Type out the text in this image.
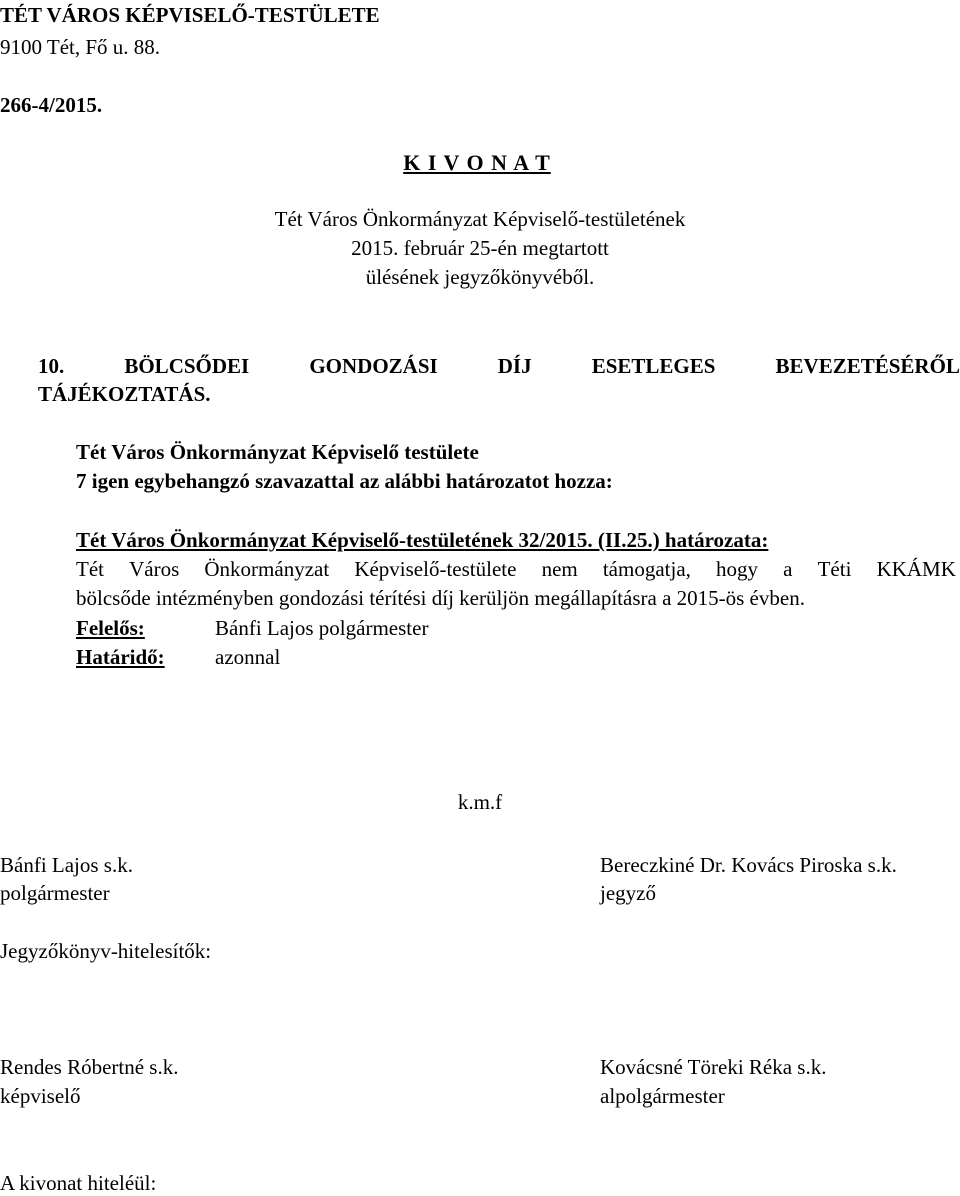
TÉT VÁROS KÉPVISELŐ-TESTÜLETE
9100 Tét, Fő u. 88.
266-4/2015.
K I V O N A T
Tét Város Önkormányzat Képviselő-testületének
2015. február 25-én megtartott
ülésének jegyzőkönyvéből.
10.	BÖLCSŐDEI	GONDOZÁSI	DÍJ	ESETLEGES	BEVEZETÉSÉRŐL
TÁJÉKOZTATÁS.
Tét Város Önkormányzat Képviselő testülete
7 igen egybehangzó szavazattal az alábbi határozatot hozza:
Tét Város Önkormányzat Képviselő-testületének 32/2015. (II.25.) határozata:
Tét Város Önkormányzat Képviselő-testülete nem támogatja, hogy a Téti KKÁMK
bölcsőde intézményben gondozási térítési díj kerüljön megállapításra a 2015-ös évben.
Felelős:	Bánfi Lajos polgármester
Határidő: azonnal
k.m.f
Bánfi Lajos s.k.
polgármester
Bereczkiné Dr. Kovács Piroska s.k.
jegyző
Jegyzőkönyv-hitelesítők:
Rendes Róbertné s.k.
képviselő
Kovácsné Töreki Réka s.k.
alpolgármester
A kivonat hiteléül:
